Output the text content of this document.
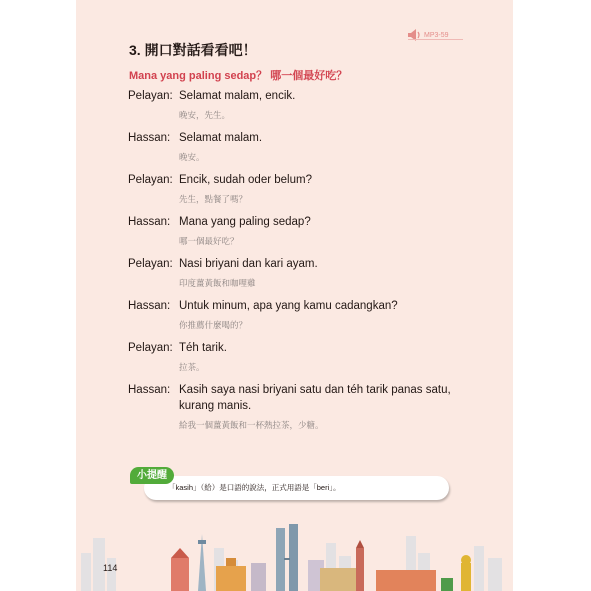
MP3-59
3. 開口對話看看吧！
Mana yang paling sedap？ 哪一個最好吃？
Pelayan: Selamat malam, encik.
晚安，先生。
Hassan: Selamat malam.
晚安。
Pelayan: Encik, sudah oder belum?
先生，點餐了嗎？
Hassan: Mana yang paling sedap?
哪一個最好吃？
Pelayan: Nasi briyani dan kari ayam.
印度薑黃飯和咖哩雞
Hassan: Untuk minum, apa yang kamu cadangkan?
你推薦什麼喝的？
Pelayan: Téh tarik.
拉茶。
Hassan: Kasih saya nasi briyani satu dan téh tarik panas satu,
kurang manis.
給我一個薑黃飯和一杯熱拉茶，少糖。
「kasih」（給）是口語的說法，正式用語是「beri」。
小提醒
114
